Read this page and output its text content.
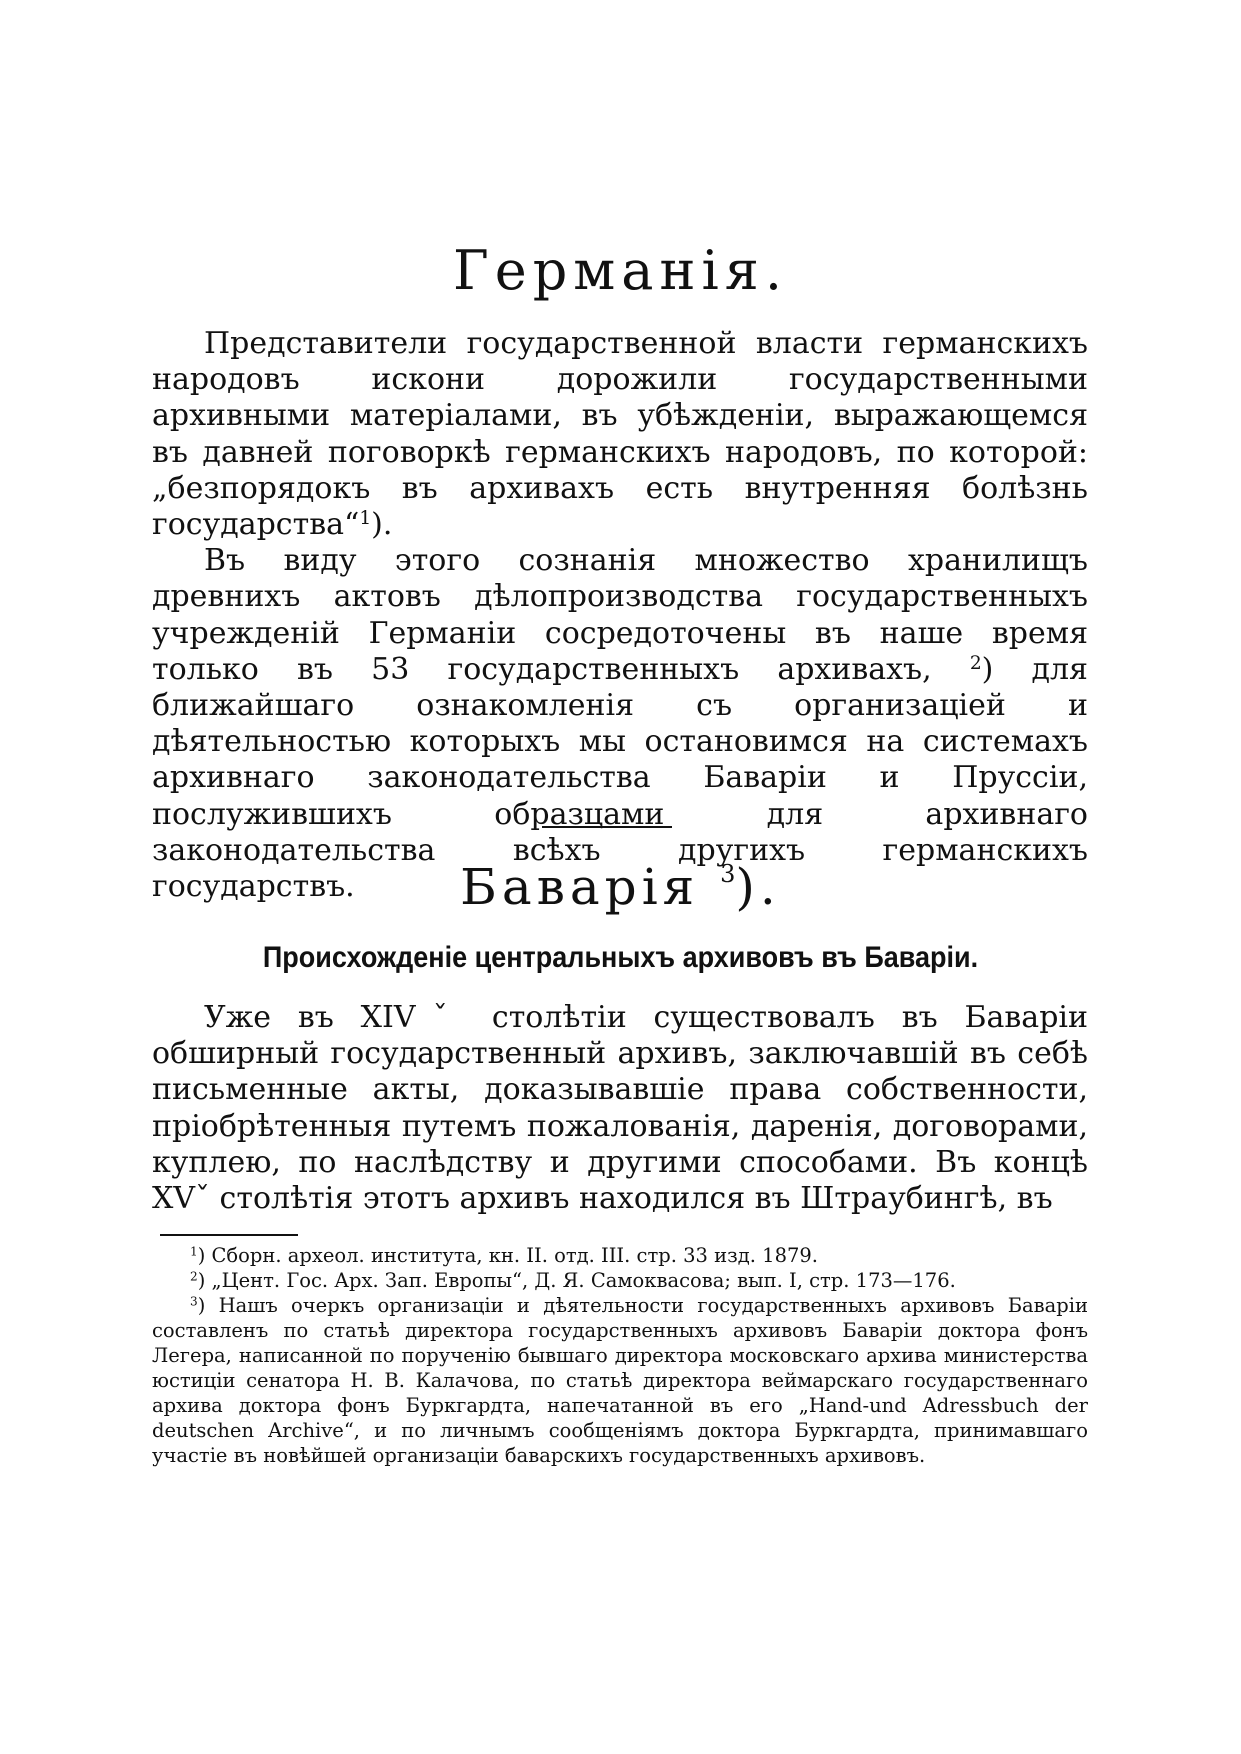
Германія.

Представители государственной власти германскихъ народовъ искони дорожили государственными архивными матеріалами, въ убѣжденіи, выражающемся въ давней поговоркѣ германскихъ народовъ, по которой: „безпорядокъ въ архивахъ есть внутренняя болѣзнь государства“$^1$).

Въ виду этого сознанія множество хранилищъ древнихъ актовъ дѣлопроизводства государственныхъ учрежденій Германіи сосредоточены въ наше время только въ 53 государственныхъ архивахъ, $^2$) для ближайшаго ознакомленія съ организаціей и дѣятельностью которыхъ мы остановимся на системахъ архивнаго законодательства Баваріи и Пруссіи, послужившихъ образцами для архивнаго законодательства всѣхъ другихъ германскихъ государствъ.	Баварія $^3$).
Происхожденіе центральныхъ архивовъ въ Баваріи.

Уже въ XIVˇ столѣтіи существовалъ въ Баваріи обширный государственный архивъ, заключавшій въ себѣ письменные акты, доказывавшіе права собственности, пріобрѣтенныя путемъ пожалованія, даренія, договорами, куплею, по наслѣдству и другими способами. Въ концѣ XVˇ столѣтія этотъ архивъ находился въ Штраубингѣ, въ

$^1$) Сборн. археол. института, кн. II. отд. III. стр. 33 изд. 1879.

$^2$) „Цент. Гос. Арх. Зап. Европы“, Д. Я. Самоквасова; вып. I, стр. 173—176.

$^3$) Нашъ очеркъ организаціи и дѣятельности государственныхъ архивовъ Баваріи составленъ по статьѣ директора государственныхъ архивовъ Баваріи доктора фонъ Легера, написанной по порученію бывшаго директора московскаго архива министерства юстиціи сенатора Н. В. Калачова, по статьѣ директора веймарскаго государственнаго архива доктора фонъ Буркгардта, напечатанной въ его „Hand-und Adressbuch der deutschen Archive“, и по личнымъ сообщеніямъ доктора Буркгардта, принимавшаго участіе въ новѣйшей организаціи баварскихъ государственныхъ архивовъ.
